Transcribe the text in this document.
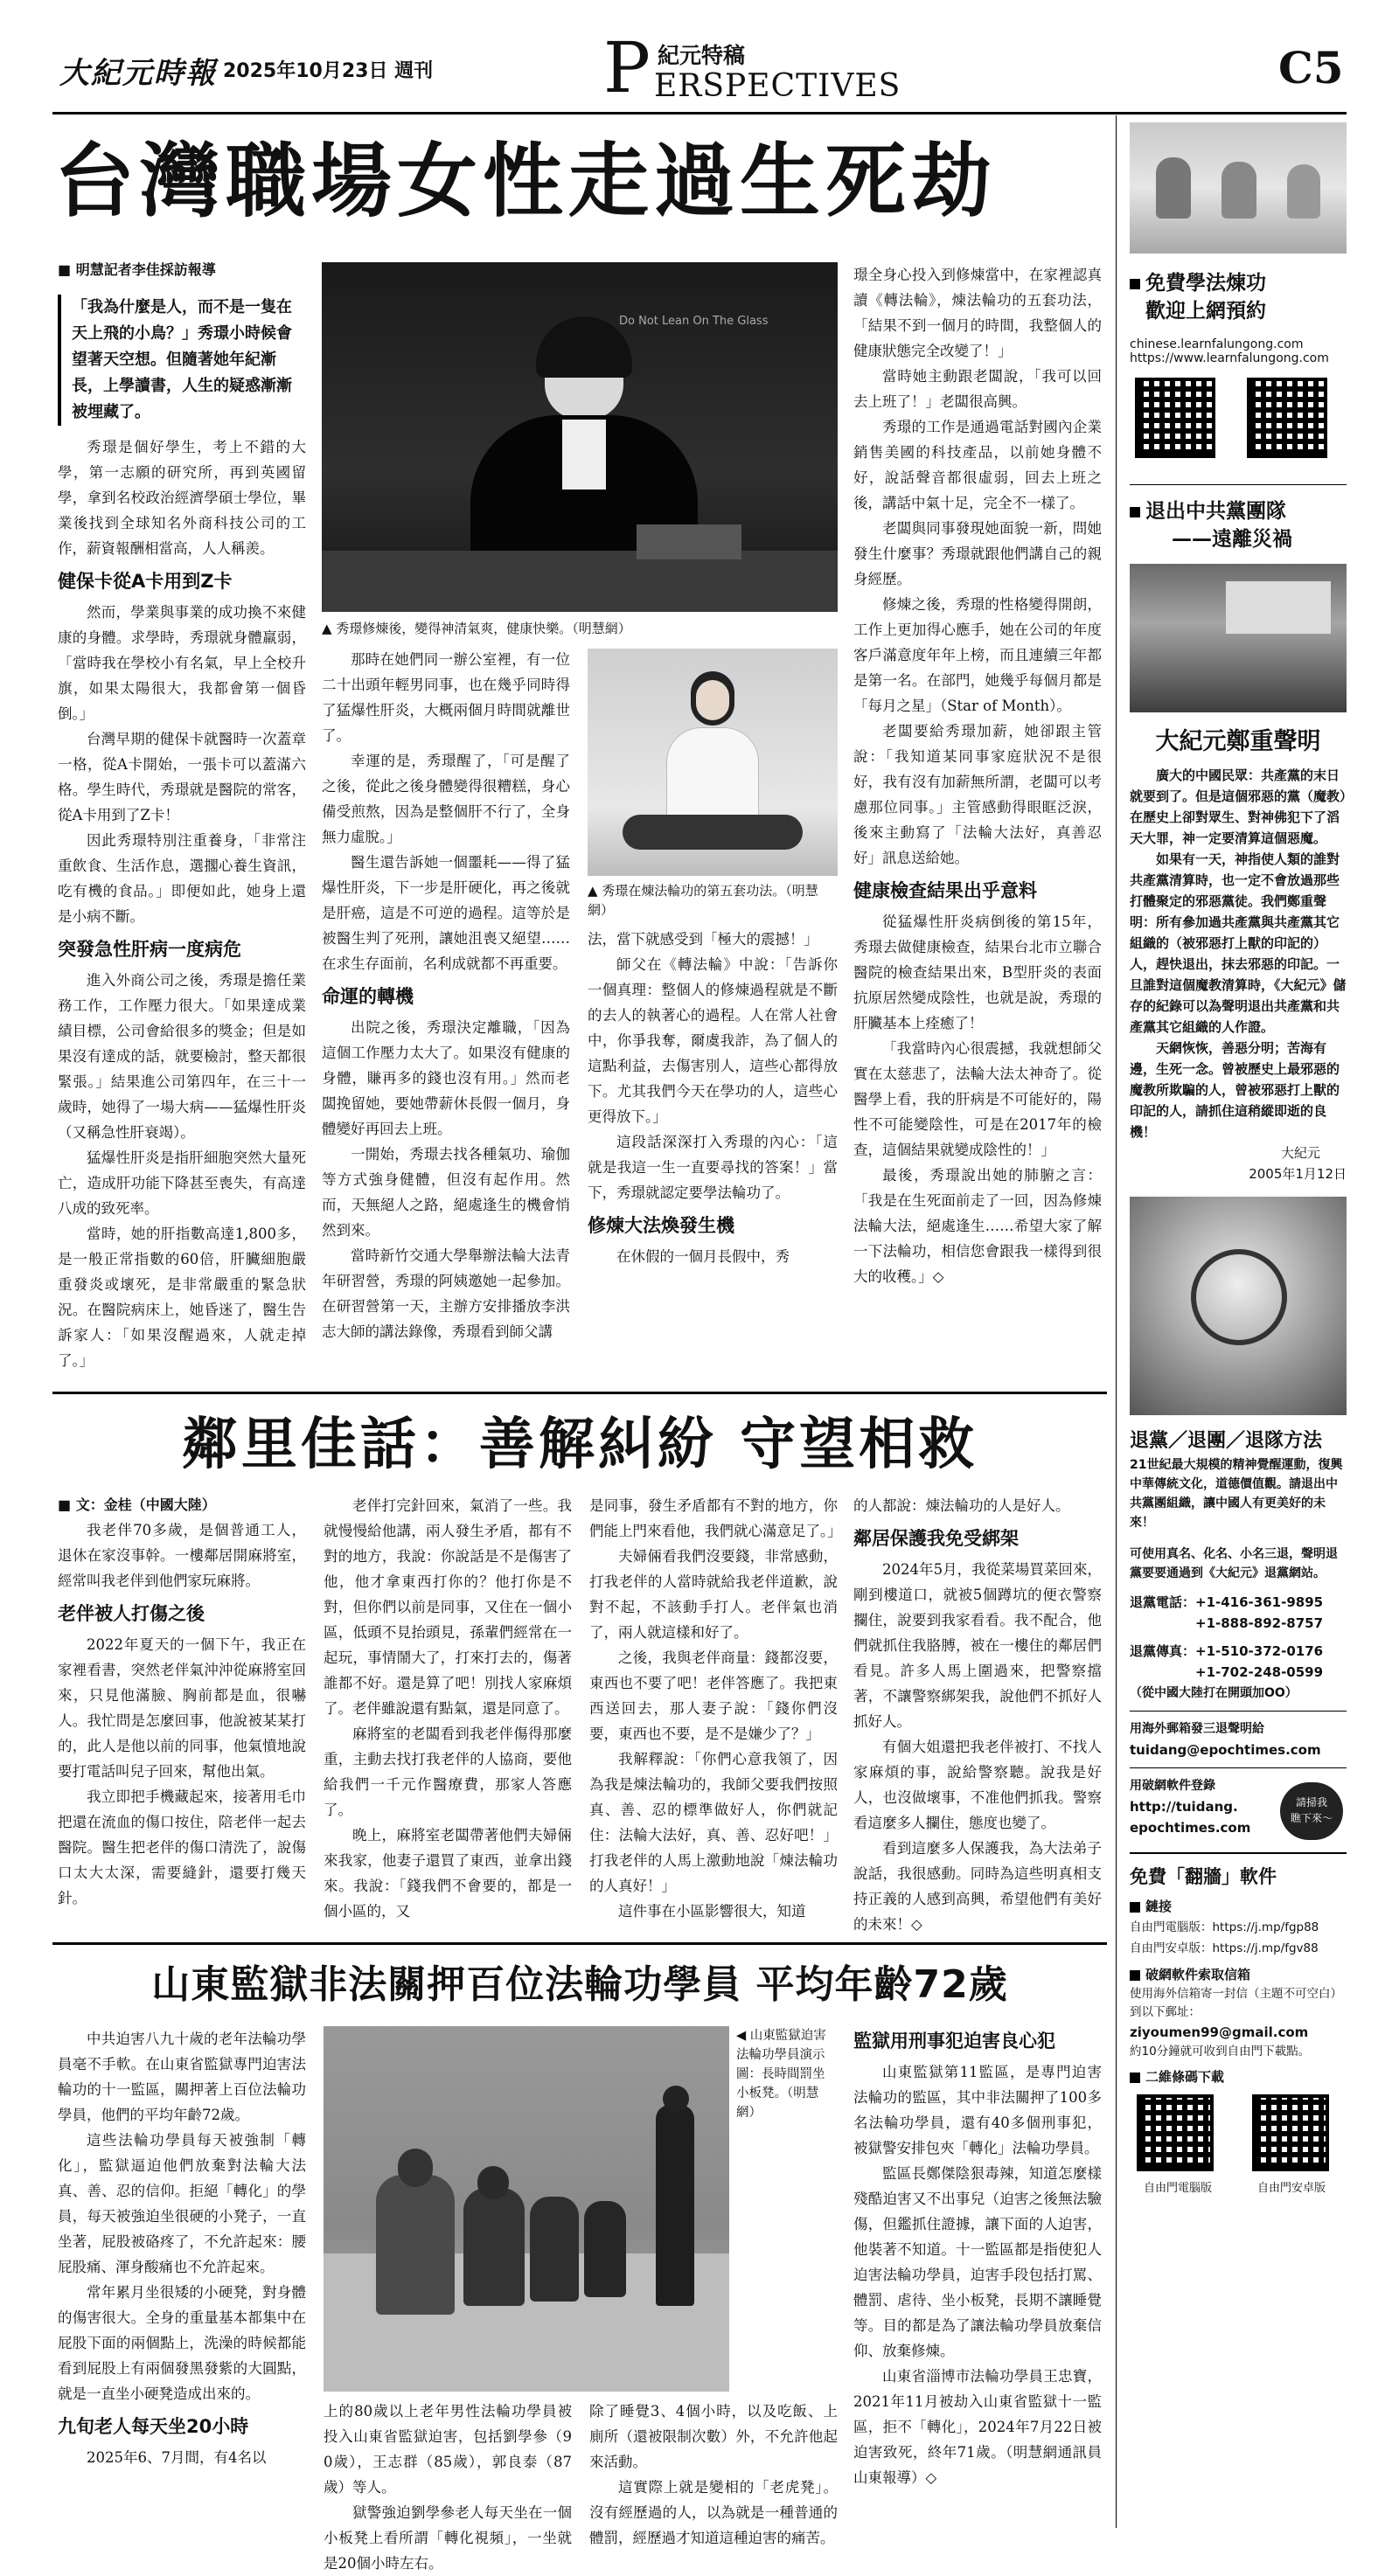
大紀元時報 2025年10月23日 週刊 P 紀元特稿
ERSPECTIVES	C5
台灣職場女性走過生死劫
■ 明慧記者李佳採訪報導
「我為什麼是人，而不是一隻在天上飛的小鳥？」秀璟小時候會望著天空想。但隨著她年紀漸長，上學讀書，人生的疑惑漸漸被埋藏了。

秀璟是個好學生，考上不錯的大學，第一志願的研究所，再到英國留學，拿到名校政治經濟學碩士學位，畢業後找到全球知名外商科技公司的工作，薪資報酬相當高，人人稱羨。

健保卡從A卡用到Z卡

然而，學業與事業的成功換不來健康的身體。求學時，秀璟就身體羸弱，「當時我在學校小有名氣，早上全校升旗，如果太陽很大，我都會第一個昏倒。」

台灣早期的健保卡就醫時一次蓋章一格，從A卡開始，一張卡可以蓋滿六格。學生時代，秀璟就是醫院的常客，從A卡用到了Z卡！

因此秀璟特別注重養身，「非常注重飲食、生活作息，選擱心養生資訊，吃有機的食品。」即便如此，她身上還是小病不斷。

突發急性肝病一度病危

進入外商公司之後，秀璟是擔任業務工作，工作壓力很大。「如果達成業績目標，公司會給很多的獎金；但是如果沒有達成的話，就要檢討，整天都很緊張。」結果進公司第四年，在三十一歲時，她得了一場大病——猛爆性肝炎（又稱急性肝衰竭）。

猛爆性肝炎是指肝細胞突然大量死亡，造成肝功能下降甚至喪失，有高達八成的致死率。

當時，她的肝指數高達1,800多，是一般正常指數的60倍，肝臟細胞嚴重發炎或壞死，是非常嚴重的緊急狀況。在醫院病床上，她昏迷了，醫生告訴家人：「如果沒醒過來，人就走掉了。」

Do Not Lean On The Glass
▲ 秀璟修煉後，變得神清氣爽，健康快樂。（明慧網）

那時在她們同一辦公室裡，有一位二十出頭年輕男同事，也在幾乎同時得了猛爆性肝炎，大概兩個月時間就離世了。

幸運的是，秀璟醒了，「可是醒了之後，從此之後身體變得很糟糕，身心備受煎熬，因為是整個肝不行了，全身無力虛脫。」

醫生還告訴她一個噩耗——得了猛爆性肝炎，下一步是肝硬化，再之後就是肝癌，這是不可逆的過程。這等於是被醫生判了死刑，讓她沮喪又絕望……在求生存面前，名利成就都不再重要。

命運的轉機

出院之後，秀璟決定離職，「因為這個工作壓力太大了。如果沒有健康的身體，賺再多的錢也沒有用。」然而老闆挽留她，要她帶薪休長假一個月，身體變好再回去上班。

一開始，秀璟去找各種氣功、瑜伽等方式強身健體，但沒有起作用。然而，天無絕人之路，絕處逢生的機會悄然到來。

當時新竹交通大學舉辦法輪大法青年研習營，秀璟的阿姨邀她一起參加。在研習營第一天，主辦方安排播放李洪志大師的講法錄像，秀璟看到師父講

▲ 秀璟在煉法輪功的第五套功法。（明慧網）

法，當下就感受到「極大的震撼！」

師父在《轉法輪》中說：「告訴你一個真理：整個人的修煉過程就是不斷的去人的執著心的過程。人在常人社會中，你爭我奪，爾虞我詐，為了個人的這點利益，去傷害別人，這些心都得放下。尤其我們今天在學功的人，這些心更得放下。」

這段話深深打入秀璟的內心：「這就是我這一生一直要尋找的答案！」當下，秀璟就認定要學法輪功了。

修煉大法煥發生機

在休假的一個月長假中，秀

璟全身心投入到修煉當中，在家裡認真讀《轉法輪》，煉法輪功的五套功法，「結果不到一個月的時間，我整個人的健康狀態完全改變了！」

當時她主動跟老闆說，「我可以回去上班了！」老闆很高興。

秀璟的工作是通過電話對國內企業銷售美國的科技產品，以前她身體不好，說話聲音都很虛弱，回去上班之後，講話中氣十足，完全不一樣了。

老闆與同事發現她面貌一新，問她發生什麼事？秀璟就跟他們講自己的親身經歷。

修煉之後，秀璟的性格變得開朗，工作上更加得心應手，她在公司的年度客戶滿意度年年上榜，而且連續三年都是第一名。在部門，她幾乎每個月都是「每月之星」（Star of Month）。

老闆要給秀璟加薪，她卻跟主管說：「我知道某同事家庭狀況不是很好，我有沒有加薪無所謂，老闆可以考慮那位同事。」主管感動得眼眶泛淚，後來主動寫了「法輪大法好，真善忍好」訊息送給她。

健康檢查結果出乎意料

從猛爆性肝炎病倒後的第15年，秀璟去做健康檢查，結果台北市立聯合醫院的檢查結果出來，B型肝炎的表面抗原居然變成陰性，也就是說，秀璟的肝臟基本上痊癒了！

「我當時內心很震撼，我就想師父實在太慈悲了，法輪大法太神奇了。從醫學上看，我的肝病是不可能好的，陽性不可能變陰性，可是在2017年的檢查，這個結果就變成陰性的！」

最後，秀璟說出她的肺腑之言：「我是在生死面前走了一回，因為修煉法輪大法，絕處逢生……希望大家了解一下法輪功，相信您會跟我一樣得到很大的收穫。」◇

鄰里佳話：善解糾紛 守望相救
■ 文：金桂（中國大陸）

我老伴70多歲，是個普通工人，退休在家沒事幹。一樓鄰居開麻將室，經常叫我老伴到他們家玩麻將。

老伴被人打傷之後

2022年夏天的一個下午，我正在家裡看書，突然老伴氣沖沖從麻將室回來，只見他滿臉、胸前都是血，很嚇人。我忙問是怎麼回事，他說被某某打的，此人是他以前的同事，他氣憤地說要打電話叫兒子回來，幫他出氣。

我立即把手機藏起來，接著用毛巾把還在流血的傷口按住，陪老伴一起去醫院。醫生把老伴的傷口清洗了，說傷口太大太深，需要縫針，還要打幾天針。

老伴打完針回來，氣消了一些。我就慢慢給他講，兩人發生矛盾，都有不對的地方，我說：你說話是不是傷害了他，他才拿東西打你的？他打你是不對，但你們以前是同事，又住在一個小區，低頭不見抬頭見，孫輩們經常在一起玩，事情鬧大了，打來打去的，傷著誰都不好。還是算了吧！別找人家麻煩了。老伴雖說還有點氣，還是同意了。

麻將室的老闆看到我老伴傷得那麼重，主動去找打我老伴的人協商，要他給我們一千元作醫療費，那家人答應了。

晚上，麻將室老闆帶著他們夫婦倆來我家，他妻子還買了東西，並拿出錢來。我說：「錢我們不會要的，都是一個小區的，又

是同事，發生矛盾都有不對的地方，你們能上門來看他，我們就心滿意足了。」

夫婦倆看我們沒要錢，非常感動，打我老伴的人當時就給我老伴道歉，說對不起，不該動手打人。老伴氣也消了，兩人就這樣和好了。

之後，我與老伴商量：錢都沒要，東西也不要了吧！老伴答應了。我把東西送回去，那人妻子說：「錢你們沒要，東西也不要，是不是嫌少了？」

我解釋說：「你們心意我領了，因為我是煉法輪功的，我師父要我們按照真、善、忍的標準做好人，你們就記住：法輪大法好，真、善、忍好吧！」打我老伴的人馬上激動地說「煉法輪功的人真好！」

這件事在小區影響很大，知道

的人都說：煉法輪功的人是好人。

鄰居保護我免受綁架

2024年5月，我從菜場買菜回來，剛到樓道口，就被5個蹲坑的便衣警察攔住，說要到我家看看。我不配合，他們就抓住我胳膊，被在一樓住的鄰居們看見。許多人馬上圍過來，把警察擋著，不讓警察綁架我，說他們不抓好人抓好人。

有個大姐還把我老伴被打、不找人家麻煩的事，說給警察聽。說我是好人，也沒做壞事，不准他們抓我。警察看這麼多人攔住，態度也變了。

看到這麼多人保護我，為大法弟子說話，我很感動。同時為這些明真相支持正義的人感到高興，希望他們有美好的未來！◇

山東監獄非法關押百位法輪功學員 平均年齡72歲

中共迫害八九十歲的老年法輪功學員毫不手軟。在山東省監獄專門迫害法輪功的十一監區，關押著上百位法輪功學員，他們的平均年齡72歲。

這些法輪功學員每天被強制「轉化」，監獄逼迫他們放棄對法輪大法真、善、忍的信仰。拒絕「轉化」的學員，每天被強迫坐很硬的小凳子，一直坐著，屁股被硌疼了，不允許起來：腰屁股痛、渾身酸痛也不允許起來。

常年累月坐很矮的小硬凳，對身體的傷害很大。全身的重量基本都集中在屁股下面的兩個點上，洗澡的時候都能看到屁股上有兩個發黑發紫的大圓點，就是一直坐小硬凳造成出來的。

九旬老人每天坐20小時

2025年6、7月間，有4名以

◀ 山東監獄迫害法輪功學員演示圖：長時間罰坐小板凳。（明慧網）

上的80歲以上老年男性法輪功學員被投入山東省監獄迫害，包括劉學參（90歲），王志群（85歲），郭良泰（87歲）等人。

獄警強迫劉學參老人每天坐在一個小板凳上看所謂「轉化視頻」，一坐就是20個小時左右。

除了睡覺3、4個小時，以及吃飯、上廁所（還被限制次數）外，不允許他起來活動。

這實際上就是變相的「老虎凳」。沒有經歷過的人，以為就是一種普通的體罰，經歷過才知道這種迫害的痛苦。

監獄用刑事犯迫害良心犯

山東監獄第11監區，是專門迫害法輪功的監區，其中非法關押了100多名法輪功學員，還有40多個刑事犯，被獄警安排包夾「轉化」法輪功學員。

監區長鄭傑陰狠毒辣，知道怎麼樣殘酷迫害又不出事兒（迫害之後無法驗傷，但鑑抓住證據，讓下面的人迫害，他裝著不知道。十一監區都是指使犯人迫害法輪功學員，迫害手段包括打罵、體罰、虐待、坐小板凳，長期不讓睡覺等。目的都是為了讓法輪功學員放棄信仰、放棄修煉。

山東省淄博市法輪功學員王忠寶，2021年11月被劫入山東省監獄十一監區，拒不「轉化」，2024年7月22日被迫害致死，終年71歲。（明慧網通訊員山東報導）◇

免費學法煉功
歡迎上網預約
chinese.learnfalungong.com
https://www.learnfalungong.com
退出中共黨團隊
——遠離災禍
大紀元鄭重聲明

廣大的中國民眾：共產黨的末日就要到了。但是這個邪惡的黨（魔教）在歷史上卻對眾生、對神佛犯下了滔天大罪，神一定要清算這個惡魔。

如果有一天，神指使人類的誰對共產黨清算時，也一定不會放過那些打體聚定的邪惡黨徒。我們鄭重聲明：所有參加過共產黨與共產黨其它組織的（被邪惡打上獸的印記的）人，趕快退出，抹去邪惡的印記。一旦誰對這個魔教清算時，《大紀元》儲存的紀錄可以為聲明退出共產黨和共產黨其它組織的人作證。

天網恢恢，善惡分明；苦海有邊，生死一念。曾被歷史上最邪惡的魔教所欺騙的人，曾被邪惡打上獸的印記的人，請抓住這稍縱即逝的良機！

大紀元
2005年1月12日
退黨／退團／退隊方法

21世紀最大規模的精神覺醒運動，復興中華傳統文化，道德價值觀。請退出中共黨團組織，讓中國人有更美好的未來！

可使用真名、化名、小名三退，聲明退黨要要通過到《大紀元》退黨網站。

退黨電話：+1-416-361-9895
+1-888-892-8757
退黨傳真：+1-510-372-0176
+1-702-248-0599
（從中國大陸打在開頭加OO）
用海外郵箱發三退聲明給
tuidang@epochtimes.com
用破網軟件登錄
http://tuidang.
epochtimes.com
請掃我
瞧下來～
免費「翻牆」軟件
鏈接
自由門電腦版：https://j.mp/fgp88
自由門安卓版：https://j.mp/fgv88
破網軟件索取信箱
使用海外信箱寄一封信（主題不可空白）到以下郵址：
ziyoumen99@gmail.com
約10分鐘就可收到自由門下載點。
二維條碼下載
自由門電腦版	自由門安卓版
